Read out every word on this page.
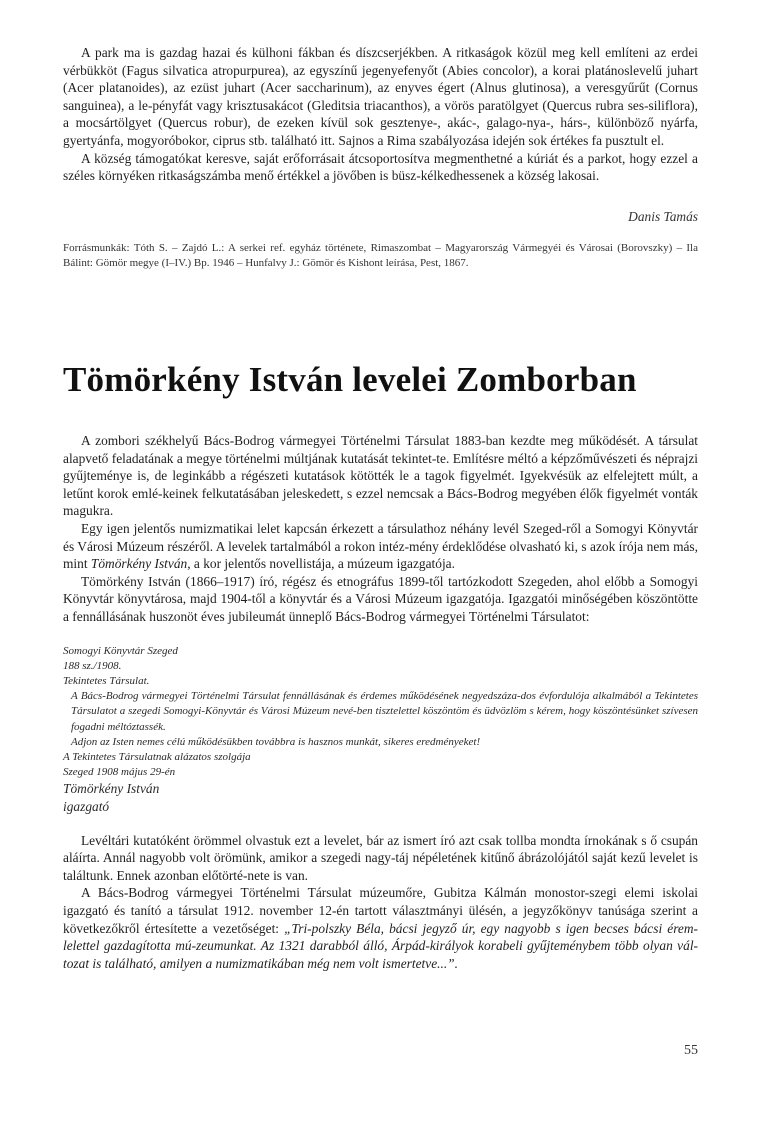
A park ma is gazdag hazai és külhoni fákban és díszcserjékben. A ritkaságok közül meg kell említeni az erdei vérbükköt (Fagus silvatica atropurpurea), az egyszínű jegenyefenyőt (Abies concolor), a korai platánoslevelű juhart (Acer platanoides), az ezüst juhart (Acer saccharinum), az enyves égert (Alnus glutinosa), a veresgyűrűt (Cornus sanguinea), a le-pényfát vagy krisztusakácot (Gleditsia triacanthos), a vörös paratölgyet (Quercus rubra ses-siliflora), a mocsártölgyet (Quercus robur), de ezeken kívül sok gesztenye-, akác-, galago-nya-, hárs-, különböző nyárfa, gyertyánfa, mogyoróbokor, ciprus stb. található itt. Sajnos a Rima szabályozása idején sok értékes fa pusztult el.

A község támogatókat keresve, saját erőforrásait átcsoportosítva megmenthetné a kúriát és a parkot, hogy ezzel a széles környéken ritkaságszámba menő értékkel a jövőben is büsz-kélkedhessenek a község lakosai.

Danis Tamás
Forrásmunkák: Tóth S. – Zajdó L.: A serkei ref. egyház története, Rimaszombat – Magyarország Vármegyéi és Városai (Borovszky) – Ila Bálint: Gömör megye (I–IV.) Bp. 1946 – Hunfalvy J.: Gömör és Kishont leírása, Pest, 1867.
Tömörkény István levelei Zomborban

A zombori székhelyű Bács-Bodrog vármegyei Történelmi Társulat 1883-ban kezdte meg működését. A társulat alapvető feladatának a megye történelmi múltjának kutatását tekintet-te. Említésre méltó a képzőművészeti és néprajzi gyűjteménye is, de leginkább a régészeti kutatások kötötték le a tagok figyelmét. Igyekvésük az elfelejtett múlt, a letűnt korok emlé-keinek felkutatásában jeleskedett, s ezzel nemcsak a Bács-Bodrog megyében élők figyelmét vonták magukra.

Egy igen jelentős numizmatikai lelet kapcsán érkezett a társulathoz néhány levél Szeged-ről a Somogyi Könyvtár és Városi Múzeum részéről. A levelek tartalmából a rokon intéz-mény érdeklődése olvasható ki, s azok írója nem más, mint Tömörkény István, a kor jelentős novellistája, a múzeum igazgatója.

Tömörkény István (1866–1917) író, régész és etnográfus 1899-től tartózkodott Szegeden, ahol előbb a Somogyi Könyvtár könyvtárosa, majd 1904-től a könyvtár és a Városi Múzeum igazgatója. Igazgatói minőségében köszöntötte a fennállásának huszonöt éves jubileumát ünneplő Bács-Bodrog vármegyei Történelmi Társulatot:

Somogyi Könyvtár Szeged
188 sz./1908.
Tekintetes Társulat.
A Bács-Bodrog vármegyei Történelmi Társulat fennállásának és érdemes működésének negyedszáza-dos évfordulója alkalmából a Tekintetes Társulatot a szegedi Somogyi-Könyvtár és Városi Múzeum nevé-ben tisztelettel köszöntöm és üdvözlöm s kérem, hogy köszöntésünket szívesen fogadni méltóztassék.
Adjon az Isten nemes célú működésükben továbbra is hasznos munkát, sikeres eredményeket!
A Tekintetes Társulatnak alázatos szolgája
Szeged 1908 május 29-én
Tömörkény István
igazgató

Levéltári kutatóként örömmel olvastuk ezt a levelet, bár az ismert író azt csak tollba mondta írnokának s ő csupán aláírta. Annál nagyobb volt örömünk, amikor a szegedi nagy-táj népéletének kitűnő ábrázolójától saját kezű levelet is találtunk. Ennek azonban előtörté-nete is van.

A Bács-Bodrog vármegyei Történelmi Társulat múzeumőre, Gubitza Kálmán monostor-szegi elemi iskolai igazgató és tanító a társulat 1912. november 12-én tartott választmányi ülésén, a jegyzőkönyv tanúsága szerint a következőkről értesítette a vezetőséget: „Tri-polszky Béla, bácsi jegyző úr, egy nagyobb s igen becses bácsi érem-lelettel gazdagította mú-zeumunkat. Az 1321 darabból álló, Árpád-királyok korabeli gyűjteménybem több olyan vál-tozat is található, amilyen a numizmatikában még nem volt ismertetve...”.

55
